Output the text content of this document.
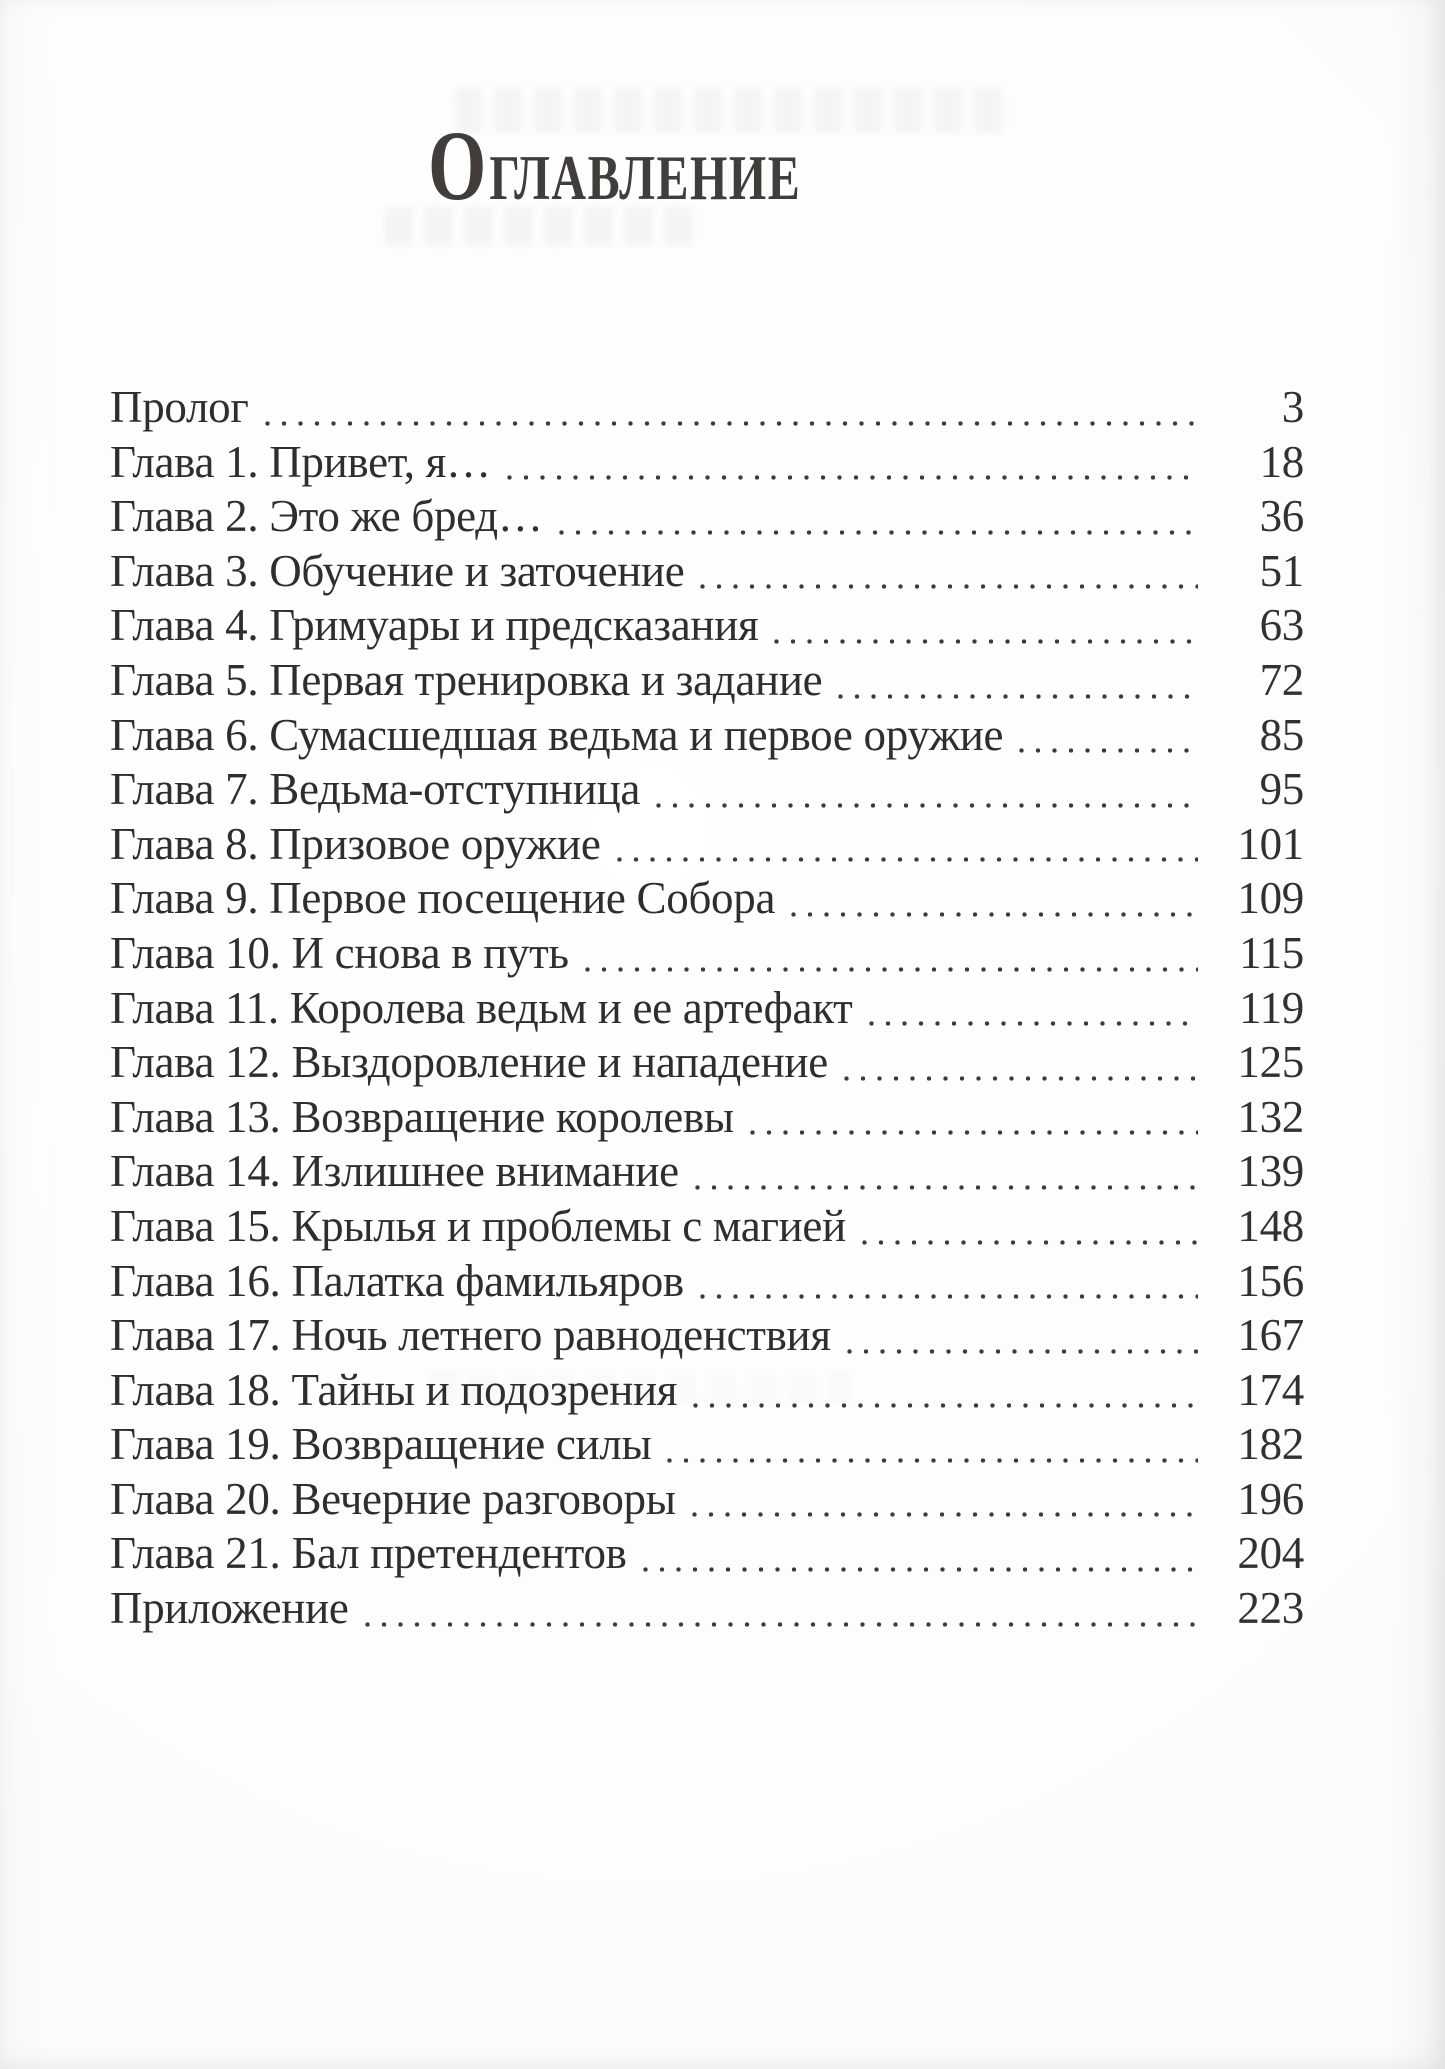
ОГЛАВЛЕНИЕ
Пролог	3
Глава 1. Привет, я…	18
Глава 2. Это же бред…	36
Глава 3. Обучение и заточение	51
Глава 4. Гримуары и предсказания	63
Глава 5. Первая тренировка и задание	72
Глава 6. Сумасшедшая ведьма и первое оружие	85
Глава 7. Ведьма-отступница	95
Глава 8. Призовое оружие	101
Глава 9. Первое посещение Собора	109
Глава 10. И снова в путь	115
Глава 11. Королева ведьм и ее артефакт	119
Глава 12. Выздоровление и нападение	125
Глава 13. Возвращение королевы	132
Глава 14. Излишнее внимание	139
Глава 15. Крылья и проблемы с магией	148
Глава 16. Палатка фамильяров	156
Глава 17. Ночь летнего равноденствия	167
Глава 18. Тайны и подозрения	174
Глава 19. Возвращение силы	182
Глава 20. Вечерние разговоры	196
Глава 21. Бал претендентов	204
Приложение	223
